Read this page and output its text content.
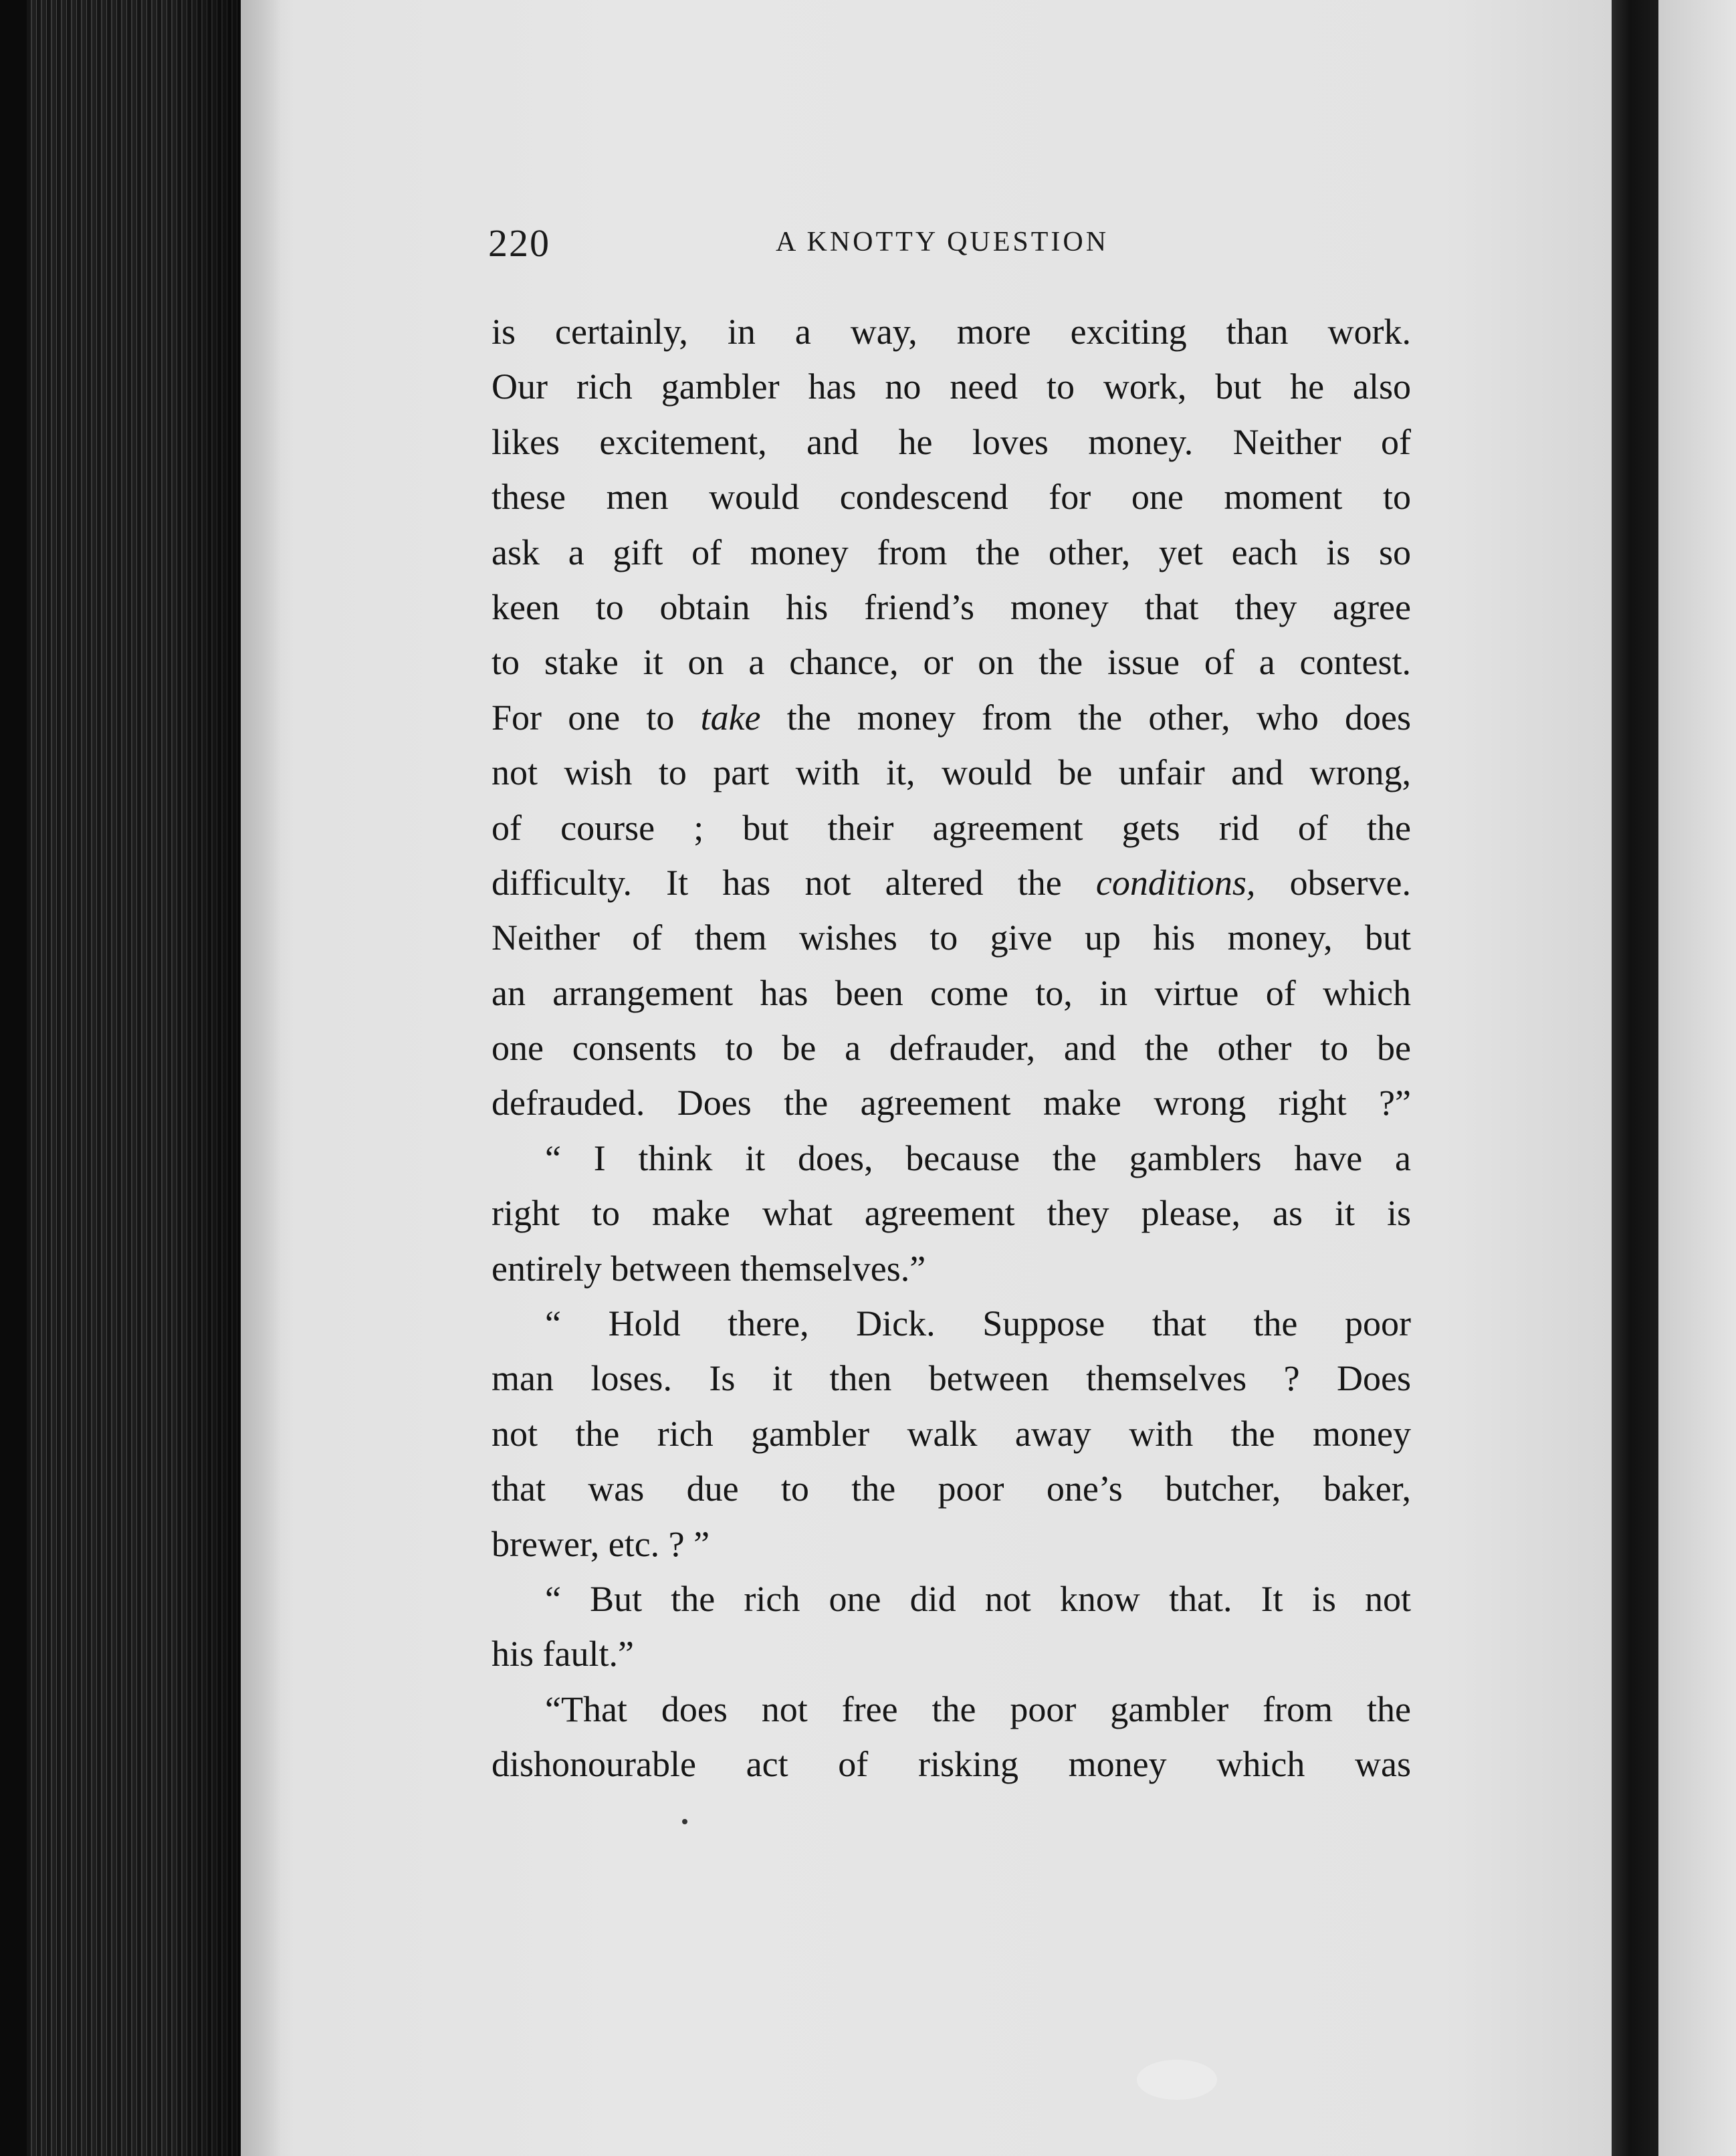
220	A KNOTTY QUESTION
is certainly, in a way, more exciting than work.
Our rich gambler has no need to work, but he also
likes excitement, and he loves money. Neither of
these men would condescend for one moment to
ask a gift of money from the other, yet each is so
keen to obtain his friend’s money that they agree
to stake it on a chance, or on the issue of a contest.
For one to take the money from the other, who does
not wish to part with it, would be unfair and wrong,
of course ; but their agreement gets rid of the
difficulty. It has not altered the conditions, observe.
Neither of them wishes to give up his money, but
an arrangement has been come to, in virtue of which
one consents to be a defrauder, and the other to be
defrauded. Does the agreement make wrong right ?”
“ I think it does, because the gamblers have a
right to make what agreement they please, as it is
entirely between themselves.”
“ Hold there, Dick. Suppose that the poor
man loses. Is it then between themselves ? Does
not the rich gambler walk away with the money
that was due to the poor one’s butcher, baker,
brewer, etc. ? ”
“ But the rich one did not know that. It is not
his fault.”
“That does not free the poor gambler from the
dishonourable act of risking money which was
